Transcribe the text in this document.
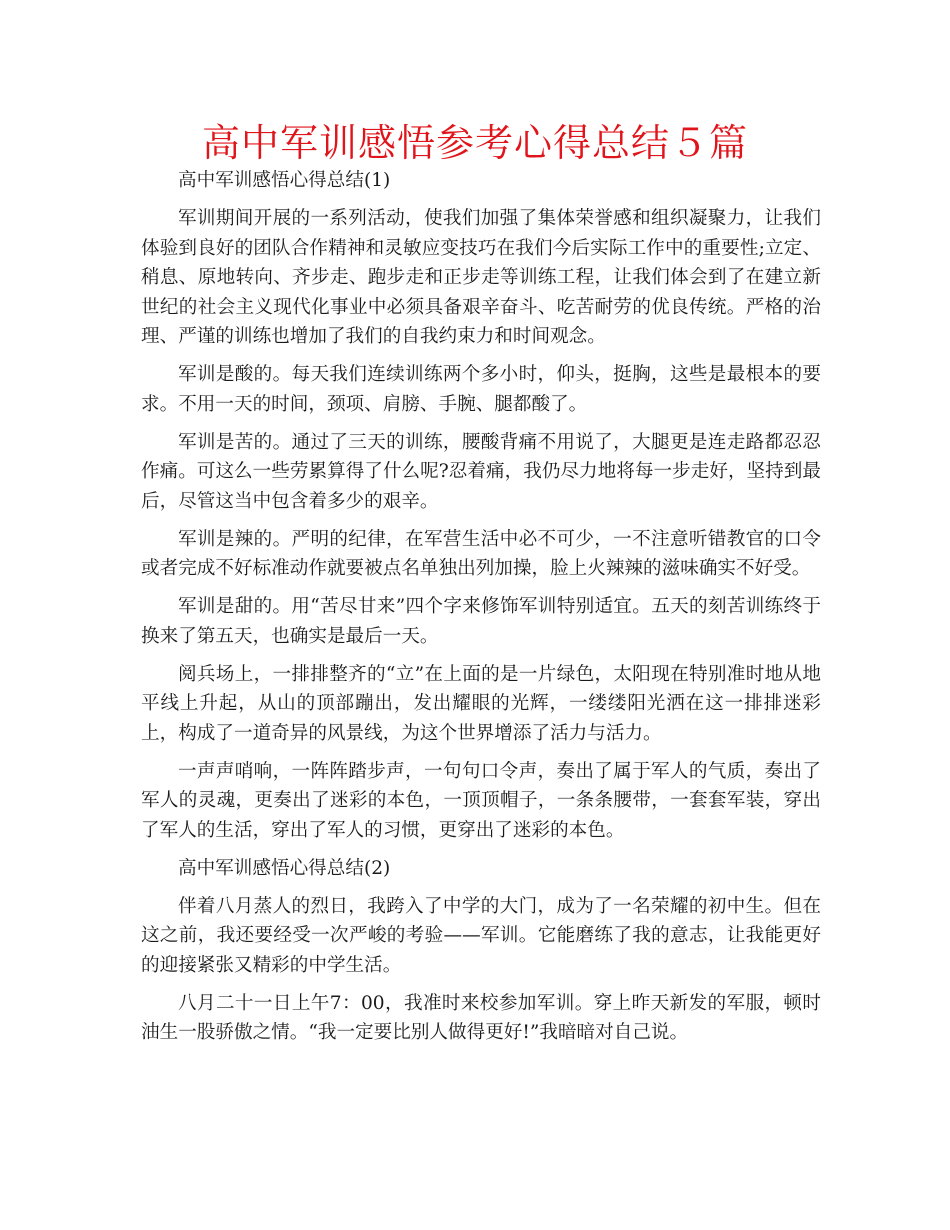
高中军训感悟参考心得总结５篇

高中军训感悟心得总结(1)

军训期间开展的一系列活动，使我们加强了集体荣誉感和组织凝聚力，让我们体验到良好的团队合作精神和灵敏应变技巧在我们今后实际工作中的重要性;立定、稍息、原地转向、齐步走、跑步走和正步走等训练工程，让我们体会到了在建立新世纪的社会主义现代化事业中必须具备艰辛奋斗、吃苦耐劳的优良传统。严格的治理、严谨的训练也增加了我们的自我约束力和时间观念。

军训是酸的。每天我们连续训练两个多小时，仰头，挺胸，这些是最根本的要求。不用一天的时间，颈项、肩膀、手腕、腿都酸了。

军训是苦的。通过了三天的训练，腰酸背痛不用说了，大腿更是连走路都忍忍作痛。可这么一些劳累算得了什么呢?忍着痛，我仍尽力地将每一步走好，坚持到最后，尽管这当中包含着多少的艰辛。

军训是辣的。严明的纪律，在军营生活中必不可少，一不注意听错教官的口令或者完成不好标准动作就要被点名单独出列加操，脸上火辣辣的滋味确实不好受。

军训是甜的。用“苦尽甘来”四个字来修饰军训特别适宜。五天的刻苦训练终于换来了第五天，也确实是最后一天。

阅兵场上，一排排整齐的“立”在上面的是一片绿色，太阳现在特别准时地从地平线上升起，从山的顶部蹦出，发出耀眼的光辉，一缕缕阳光洒在这一排排迷彩上，构成了一道奇异的风景线，为这个世界增添了活力与活力。

一声声哨响，一阵阵踏步声，一句句口令声，奏出了属于军人的气质，奏出了军人的灵魂，更奏出了迷彩的本色，一顶顶帽子，一条条腰带，一套套军装，穿出了军人的生活，穿出了军人的习惯，更穿出了迷彩的本色。

高中军训感悟心得总结(2)

伴着八月蒸人的烈日，我跨入了中学的大门，成为了一名荣耀的初中生。但在这之前，我还要经受一次严峻的考验——军训。它能磨练了我的意志，让我能更好的迎接紧张又精彩的中学生活。

八月二十一日上午7：00，我准时来校参加军训。穿上昨天新发的军服，顿时油生一股骄傲之情。“我一定要比别人做得更好!”我暗暗对自己说。
